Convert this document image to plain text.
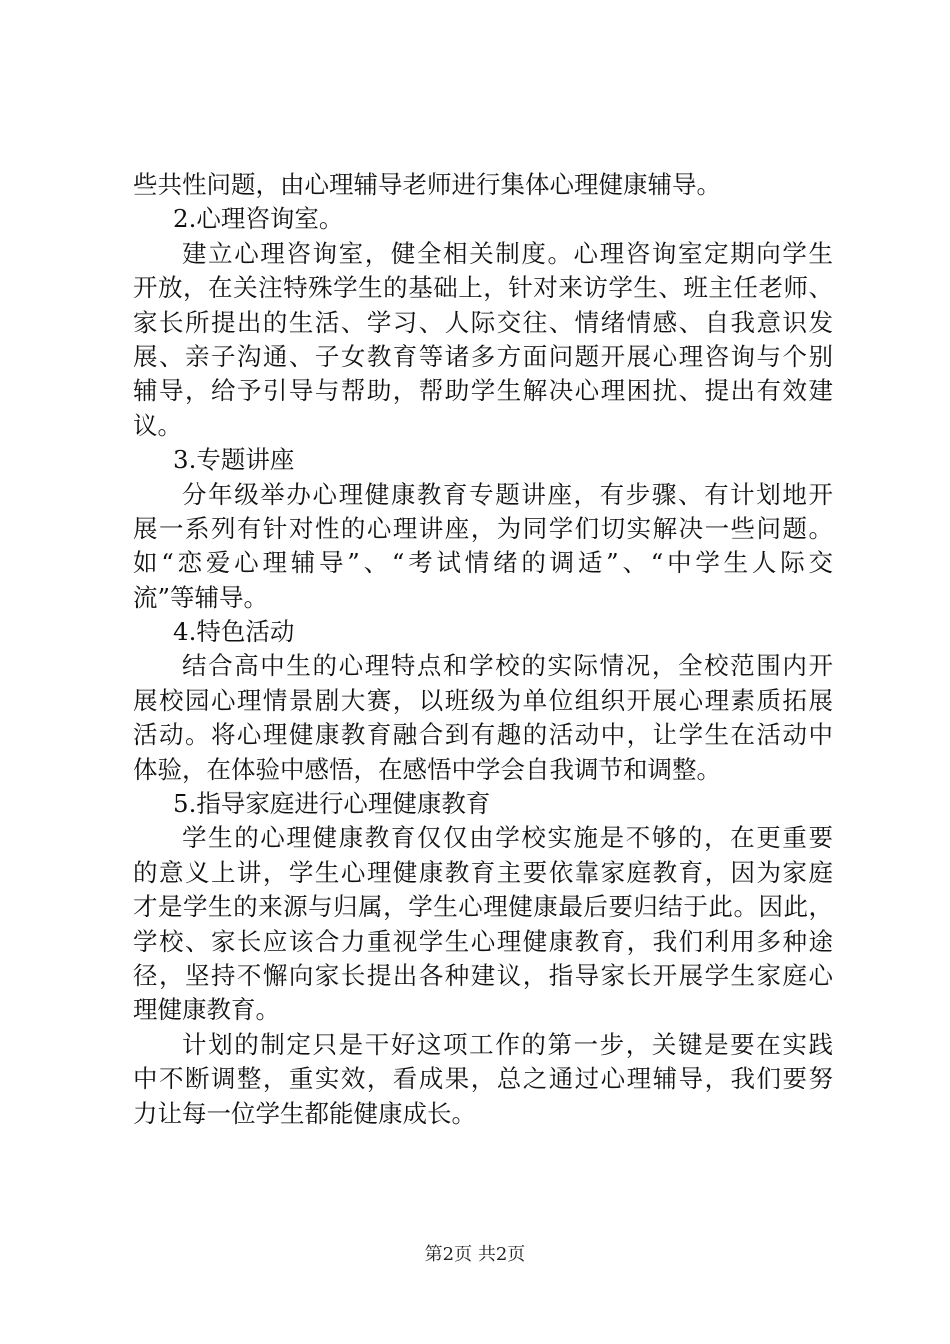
些共性问题，由心理辅导老师进行集体心理健康辅导。
2.心理咨询室。
建立心理咨询室，健全相关制度。心理咨询室定期向学生
开放，在关注特殊学生的基础上，针对来访学生、班主任老师、
家长所提出的生活、学习、人际交往、情绪情感、自我意识发
展、亲子沟通、子女教育等诸多方面问题开展心理咨询与个别
辅导，给予引导与帮助，帮助学生解决心理困扰、提出有效建
议。
3.专题讲座
分年级举办心理健康教育专题讲座，有步骤、有计划地开
展一系列有针对性的心理讲座，为同学们切实解决一些问题。
如“恋爱心理辅导”、“考试情绪的调适”、“中学生人际交
流”等辅导。
4.特色活动
结合高中生的心理特点和学校的实际情况，全校范围内开
展校园心理情景剧大赛，以班级为单位组织开展心理素质拓展
活动。将心理健康教育融合到有趣的活动中，让学生在活动中
体验，在体验中感悟，在感悟中学会自我调节和调整。
5.指导家庭进行心理健康教育
学生的心理健康教育仅仅由学校实施是不够的，在更重要
的意义上讲，学生心理健康教育主要依靠家庭教育，因为家庭
才是学生的来源与归属，学生心理健康最后要归结于此。因此，
学校、家长应该合力重视学生心理健康教育，我们利用多种途
径，坚持不懈向家长提出各种建议，指导家长开展学生家庭心
理健康教育。
计划的制定只是干好这项工作的第一步，关键是要在实践
中不断调整，重实效，看成果，总之通过心理辅导，我们要努
力让每一位学生都能健康成长。
第2页 共2页
